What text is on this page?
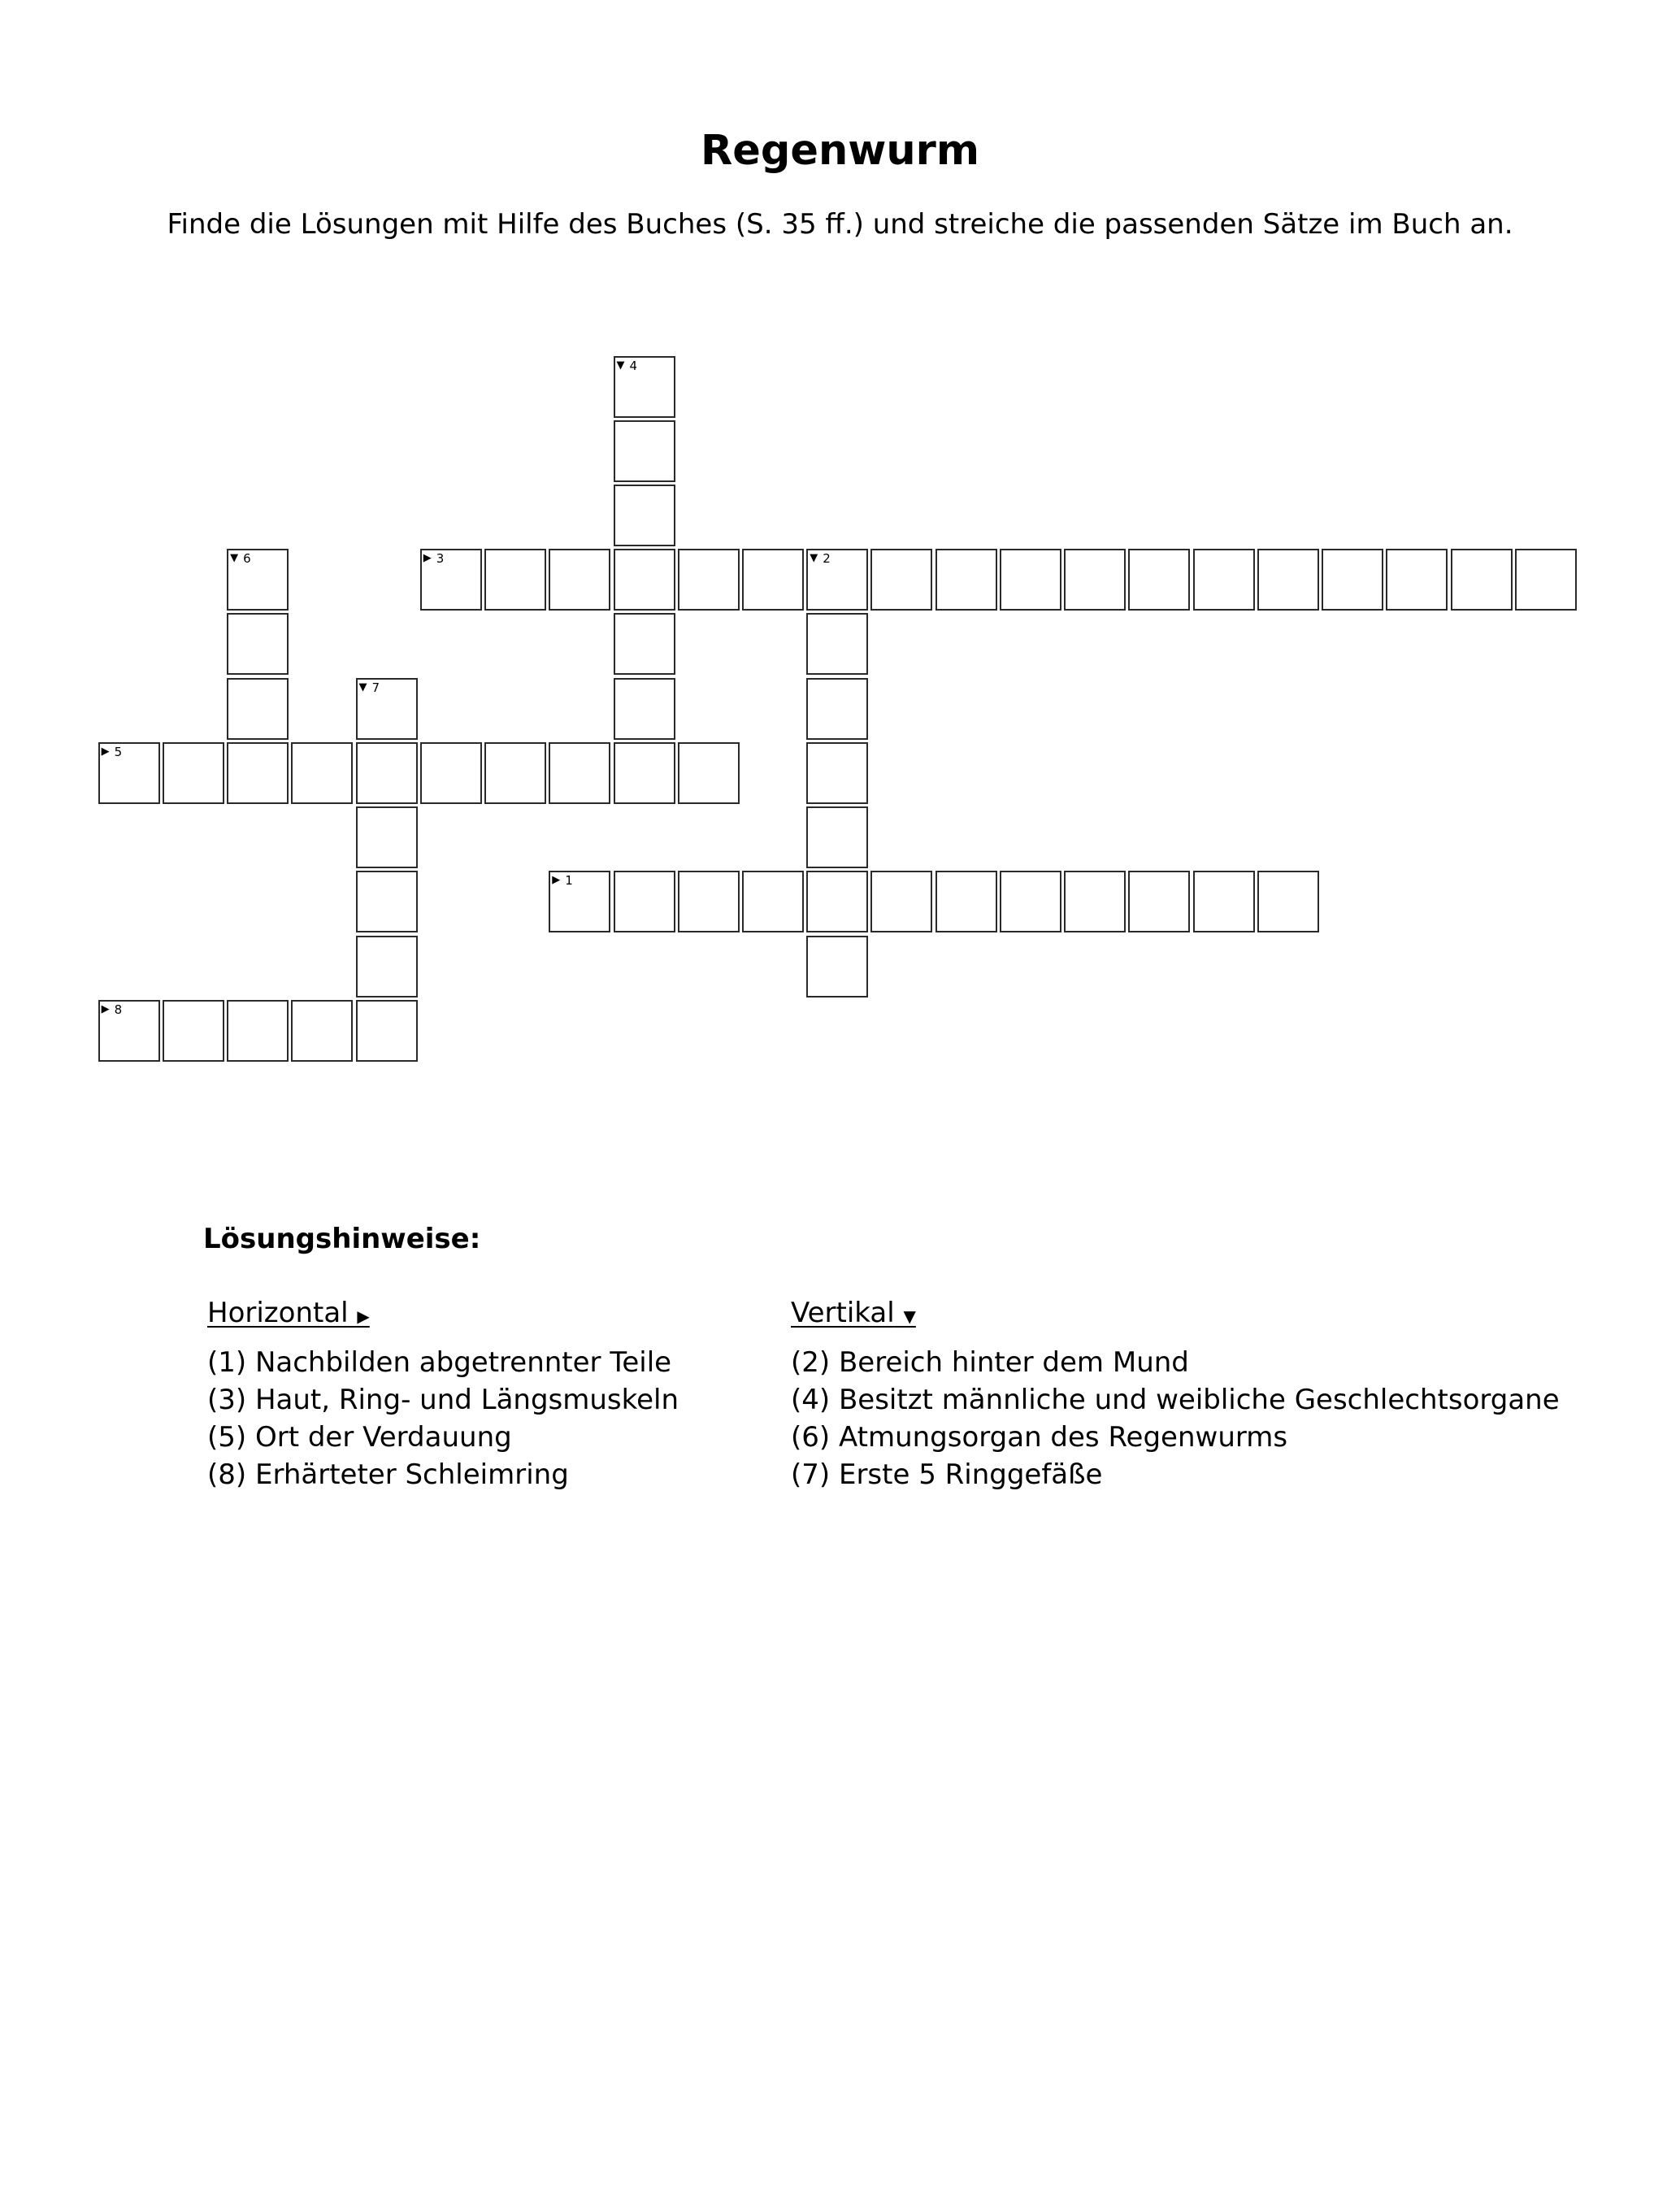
Regenwurm

Finde die Lösungen mit Hilfe des Buches (S. 35 ff.) und streiche die passenden Sätze im Buch an.

▶ 1
▼ 2
▶ 3
▼ 4
▶ 5
▼ 6
▼ 7
▶ 8
Lösungshinweise:
Horizontal ▶
(1) Nachbilden abgetrennter Teile
(3) Haut, Ring- und Längsmuskeln
(5) Ort der Verdauung
(8) Erhärteter Schleimring
Vertikal ▼
(2) Bereich hinter dem Mund
(4) Besitzt männliche und weibliche Geschlechtsorgane
(6) Atmungsorgan des Regenwurms
(7) Erste 5 Ringgefäße
